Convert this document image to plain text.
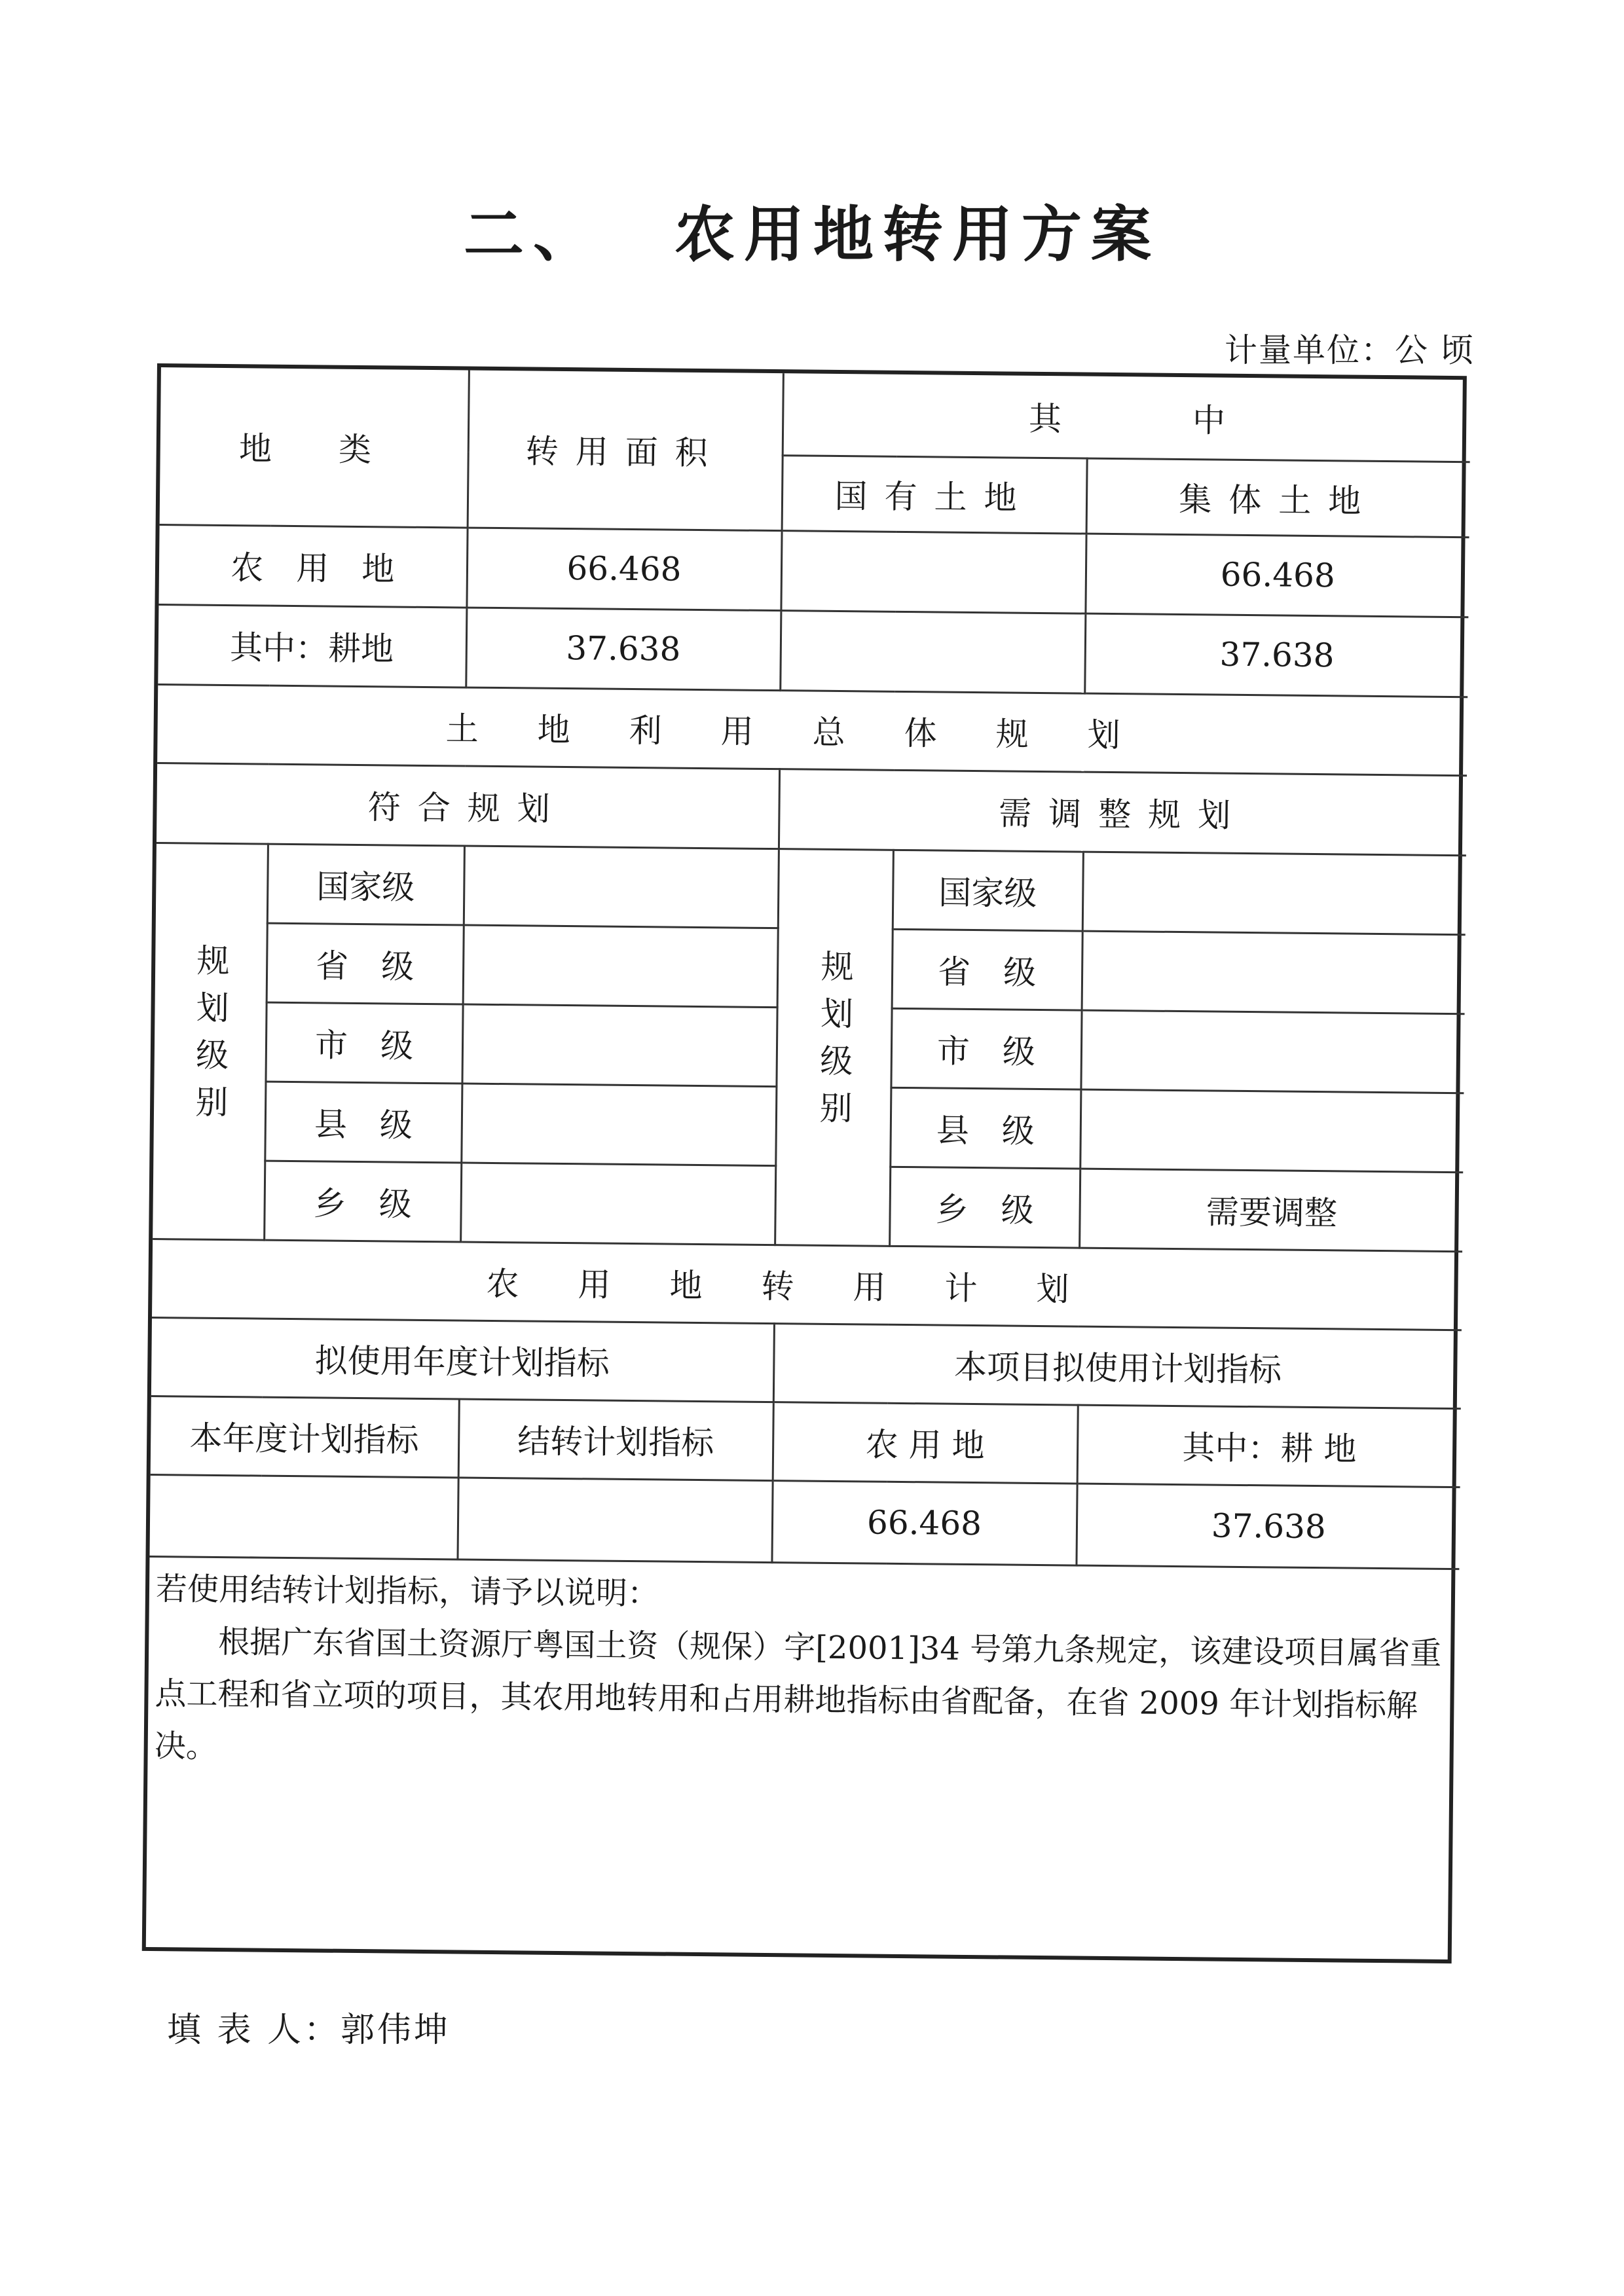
二、 农用地转用方案
计量单位：公 顷
地　类		转用面积	其　　　　中		
			国有土地		集体土地
农　用　地		66.468			66.468
其中：耕地		37.638			37.638
土地利用总体规划					
符合规划			需调整规划		
规划级别	国家级		规划级别	国家级	
	省　级			省　级	
	市　级			市　级	
	县　级			县　级	
	乡　级			乡　级	需要调整
农用地转用计划					
拟使用年度计划指标			本项目拟使用计划指标		
本年度计划指标		结转计划指标	农 用 地		其中：耕 地
			66.468		37.638
若使用结转计划指标，请予以说明：
根据广东省国土资源厅粤国土资（规保）字[2001]34 号第九条规定，该建设项目属省重点工程和省立项的项目，其农用地转用和占用耕地指标由省配备，在省 2009 年计划指标解决。
填 表 人：郭伟坤
